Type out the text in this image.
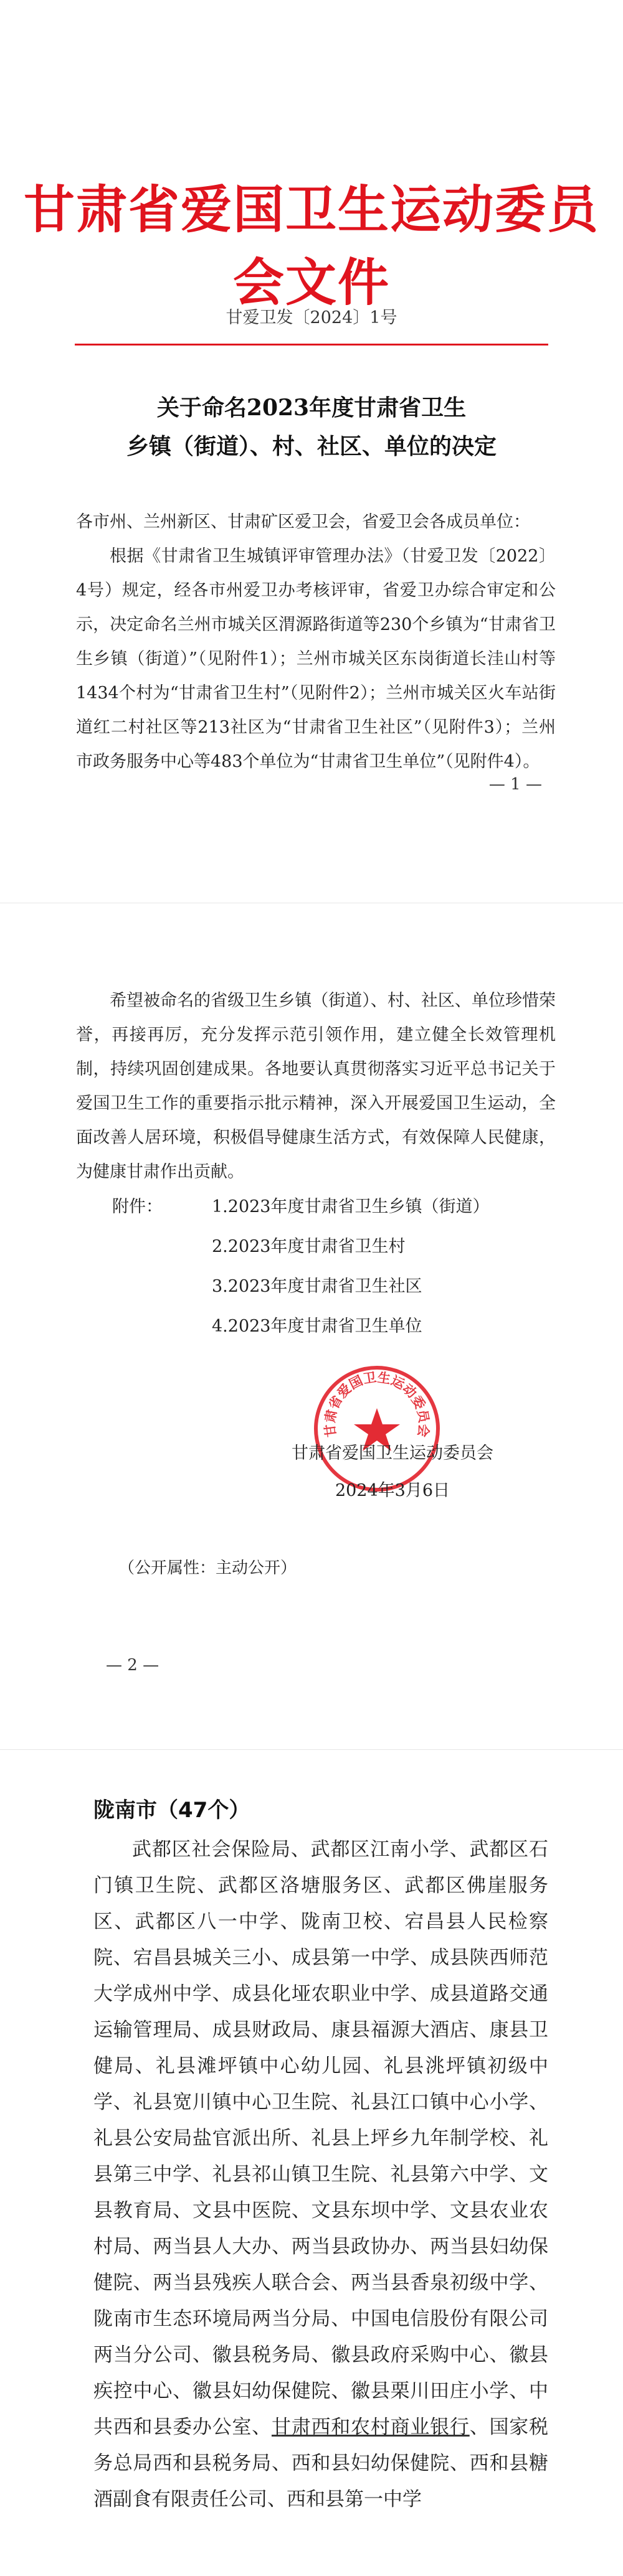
甘肃省爱国卫生运动委员会文件
甘爱卫发〔2024〕1号
关于命名2023年度甘肃省卫生
乡镇（街道）、村、社区、单位的决定
各市州、兰州新区、甘肃矿区爱卫会，省爱卫会各成员单位：

根据《甘肃省卫生城镇评审管理办法》（甘爱卫发〔2022〕4号）规定，经各市州爱卫办考核评审，省爱卫办综合审定和公示，决定命名兰州市城关区渭源路街道等230个乡镇为“甘肃省卫生乡镇（街道）”（见附件1）；兰州市城关区东岗街道长洼山村等1434个村为“甘肃省卫生村”（见附件2）；兰州市城关区火车站街道红二村社区等213社区为“甘肃省卫生社区”（见附件3）；兰州市政务服务中心等483个单位为“甘肃省卫生单位”（见附件4）。

— 1 —

希望被命名的省级卫生乡镇（街道）、村、社区、单位珍惜荣誉，再接再厉，充分发挥示范引领作用，建立健全长效管理机制，持续巩固创建成果。各地要认真贯彻落实习近平总书记关于爱国卫生工作的重要指示批示精神，深入开展爱国卫生运动，全面改善人居环境，积极倡导健康生活方式，有效保障人民健康，为健康甘肃作出贡献。

附件：	1.2023年度甘肃省卫生乡镇（街道）
2.2023年度甘肃省卫生村
3.2023年度甘肃省卫生社区
4.2023年度甘肃省卫生单位
甘肃省爱国卫生运动委员会
甘肃省爱国卫生运动委员会
2024年3月6日
（公开属性：主动公开）
— 2 —
陇南市（47个）

武都区社会保险局、武都区江南小学、武都区石门镇卫生院、武都区洛塘服务区、武都区佛崖服务区、武都区八一中学、陇南卫校、宕昌县人民检察院、宕昌县城关三小、成县第一中学、成县陕西师范大学成州中学、成县化垭农职业中学、成县道路交通运输管理局、成县财政局、康县福源大酒店、康县卫健局、礼县滩坪镇中心幼儿园、礼县洮坪镇初级中学、礼县宽川镇中心卫生院、礼县江口镇中心小学、礼县公安局盐官派出所、礼县上坪乡九年制学校、礼县第三中学、礼县祁山镇卫生院、礼县第六中学、文县教育局、文县中医院、文县东坝中学、文县农业农村局、两当县人大办、两当县政协办、两当县妇幼保健院、两当县残疾人联合会、两当县香泉初级中学、陇南市生态环境局两当分局、中国电信股份有限公司两当分公司、徽县税务局、徽县政府采购中心、徽县疾控中心、徽县妇幼保健院、徽县栗川田庄小学、中共西和县委办公室、甘肃西和农村商业银行、国家税务总局西和县税务局、西和县妇幼保健院、西和县糖酒副食有限责任公司、西和县第一中学
